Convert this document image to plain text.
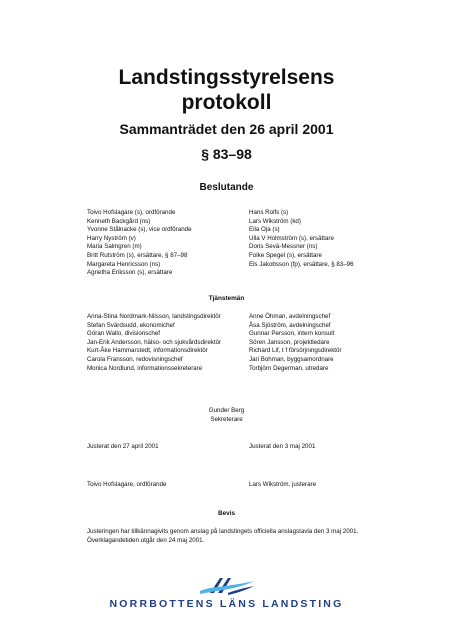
Landstingsstyrelsens
protokoll
Sammanträdet den 26 april 2001
§ 83–98
Beslutande
Toivo Hofslagare (s), ordförande
Kenneth Backgård (ns)
Yvonne Stålnacke (s), vice ordförande
Harry Nyström (v)
Maria Salmgren (m)
Britt Rutström (s), ersättare, § 87–98
Margareta Henricsson (ns)
Agnetha Eriksson (s), ersättare
Hans Rolfs (s)
Lars Wikström (kd)
Eila Oja (s)
Ulla V Holmström (s), ersättare
Doris Sevä-Messner (ns)
Folke Spegel (s), ersättare
Els Jakobsson (fp), ersättare, § 83–96
Tjänstemän
Anna-Stina Nordmark-Nilsson, landstingsdirektör
Stefan Svärdsudd, ekonomichef
Göran Wallo, divisionschef
Jan-Erik Andersson, hälso- och sjukvårdsdirektör
Kurt-Åke Hammarstedt, informationsdirektör
Carola Fransson, redovisningschef
Monica Nordlund, informationssekreterare
Anne Öhman, avdelningschef
Åsa Sjöström, avdelningschef
Gunnar Persson, intern konsult
Sören Jansson, projektledare
Richard Lif, t f försörjningsdirektör
Jari Bohman, byggsamordnare
Torbjörn Degerman, utredare
Gunder Berg
Sekreterare
Justerat den 27 april 2001	Justerat den 3 maj 2001
Toivo Hofslagare, ordförande	Lars Wikström, justerare
Bevis
Justeringen har tillkännagivits genom anslag på landstingets officiella anslagstavla den 3 maj 2001. Överklagandetiden utgår den 24 maj 2001.
NORRBOTTENS LÄNS LANDSTING
